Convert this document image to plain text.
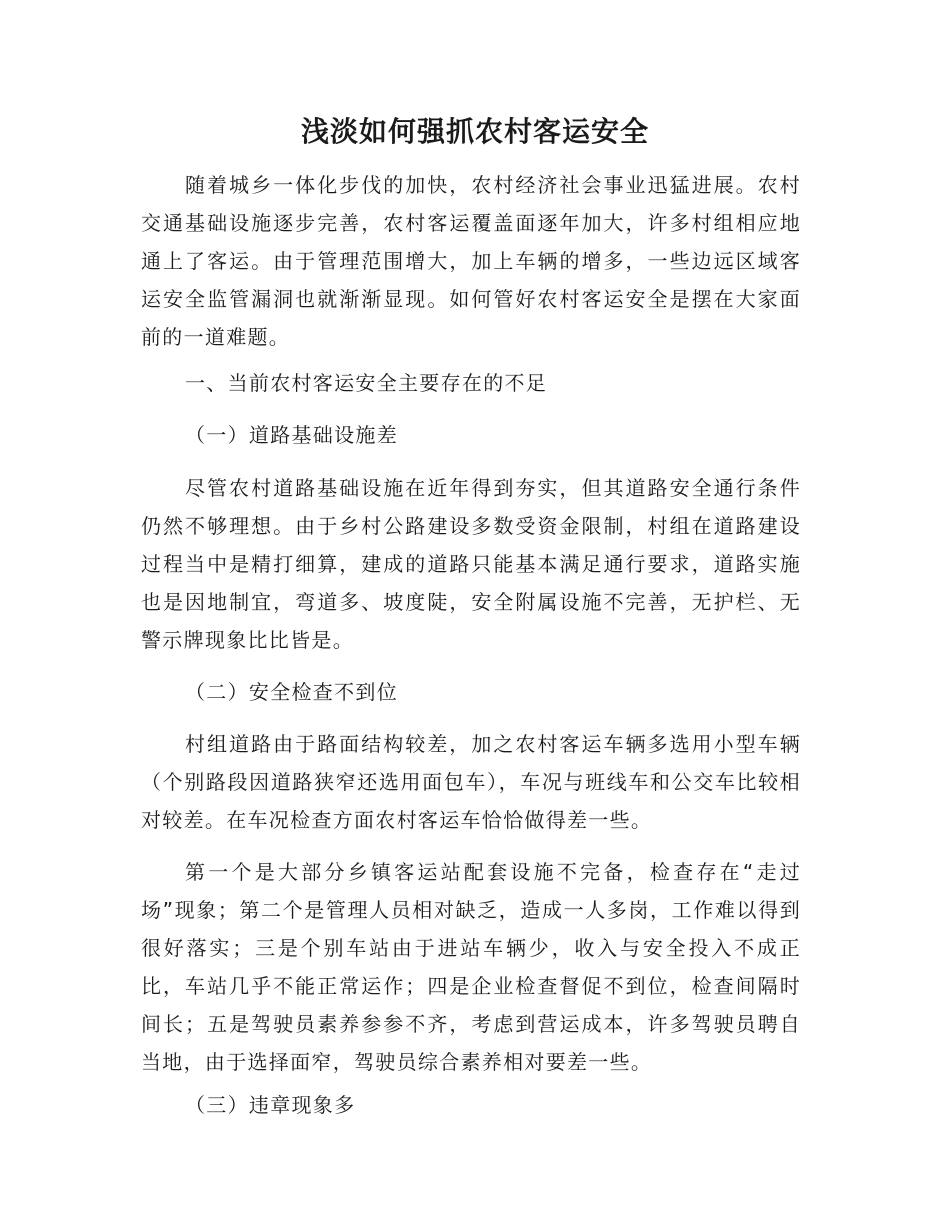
浅淡如何强抓农村客运安全

随着城乡一体化步伐的加快，农村经济社会事业迅猛进展。农村交通基础设施逐步完善，农村客运覆盖面逐年加大，许多村组相应地通上了客运。由于管理范围增大，加上车辆的增多，一些边远区域客运安全监管漏洞也就渐渐显现。如何管好农村客运安全是摆在大家面前的一道难题。

一、当前农村客运安全主要存在的不足

（一）道路基础设施差

尽管农村道路基础设施在近年得到夯实，但其道路安全通行条件仍然不够理想。由于乡村公路建设多数受资金限制，村组在道路建设过程当中是精打细算，建成的道路只能基本满足通行要求，道路实施也是因地制宜，弯道多、坡度陡，安全附属设施不完善，无护栏、无警示牌现象比比皆是。

（二）安全检查不到位

村组道路由于路面结构较差，加之农村客运车辆多选用小型车辆（个别路段因道路狭窄还选用面包车），车况与班线车和公交车比较相对较差。在车况检查方面农村客运车恰恰做得差一些。

第一个是大部分乡镇客运站配套设施不完备，检查存在“走过场”现象；第二个是管理人员相对缺乏，造成一人多岗，工作难以得到很好落实；三是个别车站由于进站车辆少，收入与安全投入不成正比，车站几乎不能正常运作；四是企业检查督促不到位，检查间隔时间长；五是驾驶员素养参参不齐，考虑到营运成本，许多驾驶员聘自当地，由于选择面窄，驾驶员综合素养相对要差一些。

（三）违章现象多
